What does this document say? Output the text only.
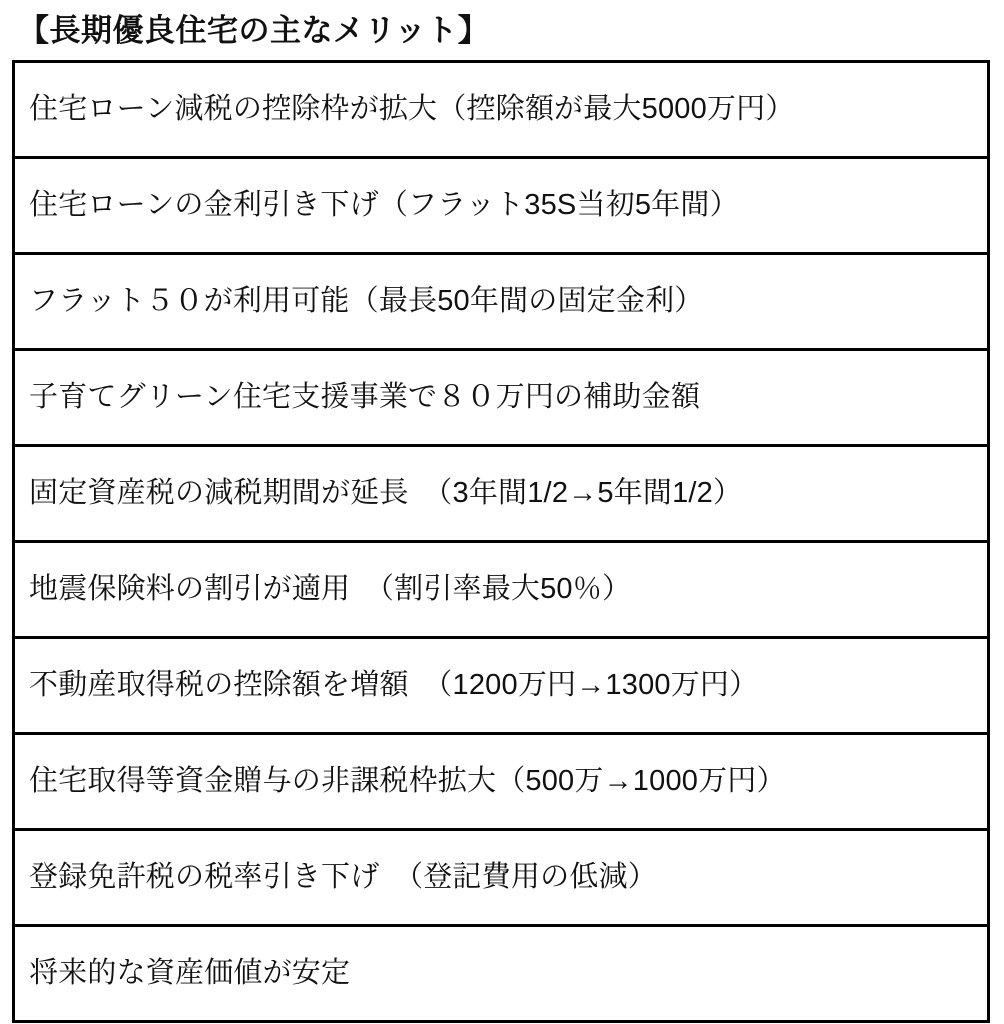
【長期優良住宅の主なメリット】
住宅ローン減税の控除枠が拡大（控除額が最大5000万円）
住宅ローンの金利引き下げ（フラット35S当初5年間）
フラット５０が利用可能（最長50年間の固定金利）
子育てグリーン住宅支援事業で８０万円の補助金額
固定資産税の減税期間が延長　（3年間1/2→5年間1/2）
地震保険料の割引が適用　（割引率最大50％）
不動産取得税の控除額を増額　（1200万円→1300万円）
住宅取得等資金贈与の非課税枠拡大（500万→1000万円）
登録免許税の税率引き下げ　（登記費用の低減）
将来的な資産価値が安定
